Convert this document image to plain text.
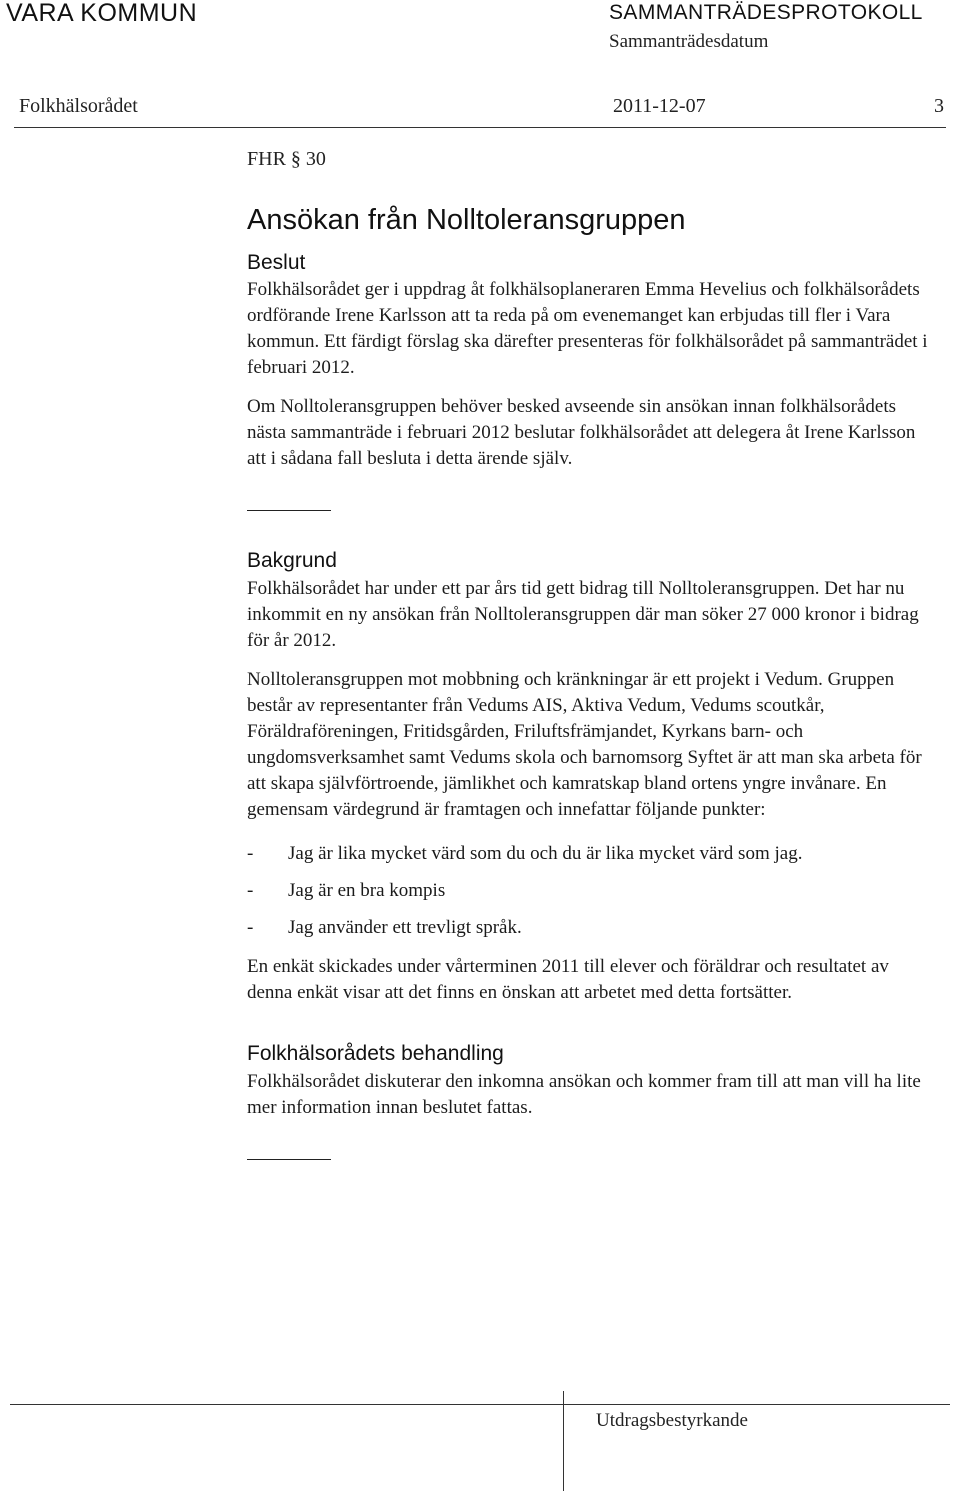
VARA KOMMUN	SAMMANTRÄDESPROTOKOLL
Sammanträdesdatum
Folkhälsorådet	2011-12-07	3

FHR § 30

Ansökan från Nolltoleransgruppen
Beslut

Folkhälsorådet ger i uppdrag åt folkhälsoplaneraren Emma Hevelius och folkhälsorådets ordförande Irene Karlsson att ta reda på om evenemanget kan erbjudas till fler i Vara kommun. Ett färdigt förslag ska därefter presenteras för folkhälsorådet på sammanträdet i februari 2012.

Om Nolltoleransgruppen behöver besked avseende sin ansökan innan folkhälsorådets nästa sammanträde i februari 2012 beslutar folkhälsorådet att delegera åt Irene Karlsson att i sådana fall besluta i detta ärende själv.

Bakgrund

Folkhälsorådet har under ett par års tid gett bidrag till Nolltoleransgruppen. Det har nu inkommit en ny ansökan från Nolltoleransgruppen där man söker 27 000 kronor i bidrag för år 2012.

Nolltoleransgruppen mot mobbning och kränkningar är ett projekt i Vedum. Gruppen består av representanter från Vedums AIS, Aktiva Vedum, Vedums scoutkår, Föräldraföreningen, Fritidsgården, Friluftsfrämjandet, Kyrkans barn- och ungdomsverksamhet samt Vedums skola och barnomsorg Syftet är att man ska arbeta för att skapa självförtroende, jämlikhet och kamratskap bland ortens yngre invånare. En gemensam värdegrund är framtagen och innefattar följande punkter:

- Jag är lika mycket värd som du och du är lika mycket värd som jag.
- Jag är en bra kompis
- Jag använder ett trevligt språk.

En enkät skickades under vårterminen 2011 till elever och föräldrar och resultatet av denna enkät visar att det finns en önskan att arbetet med detta fortsätter.

Folkhälsorådets behandling

Folkhälsorådet diskuterar den inkomna ansökan och kommer fram till att man vill ha lite mer information innan beslutet fattas.

Utdragsbestyrkande
